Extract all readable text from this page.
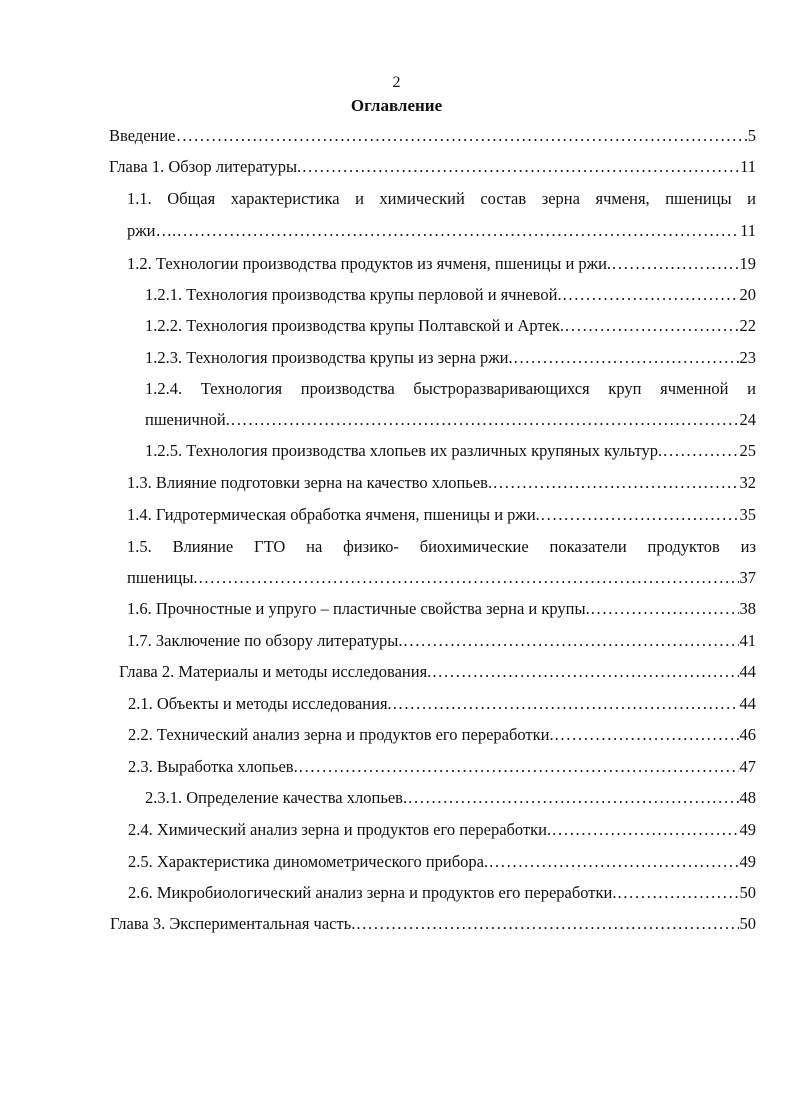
2
Оглавление
Введение . . .	5
Глава 1. Обзор литературы. . . .	11
1.1. Общая характеристика и химический состав зерна ячменя, пшеницы и
ржи…. . . .	11
1.2. Технологии производства продуктов из ячменя, пшеницы и ржи. . . .	19
1.2.1. Технология производства крупы перловой и ячневой. . . .	20
1.2.2. Технология производства крупы Полтавской и Артек. . . .	22
1.2.3. Технология производства крупы из зерна ржи. . . .	23
1.2.4. Технология производства быстроразваривающихся круп ячменной и
пшеничной. . . .	24
1.2.5. Технология производства хлопьев их различных крупяных культур. . . .	25
1.3. Влияние подготовки зерна на качество хлопьев. . . .	32
1.4. Гидротермическая обработка ячменя, пшеницы и ржи. . . .	35
1.5. Влияние ГТО на физико- биохимические показатели продуктов из
пшеницы. . . .	37
1.6. Прочностные и упруго – пластичные свойства зерна и крупы. . . .	38
1.7. Заключение по обзору литературы. . . .	41
Глава 2. Материалы и методы исследования. . . .	44
2.1. Объекты и методы исследования. . . .	44
2.2. Технический анализ зерна и продуктов его переработки. . . .	46
2.3. Выработка хлопьев. . . .	47
2.3.1. Определение качества хлопьев. . . .	48
2.4. Химический анализ зерна и продуктов его переработки. . . .	49
2.5. Характеристика диномометрического прибора. . . .	49
2.6. Микробиологический анализ зерна и продуктов его переработки. . . .	50
Глава 3. Экспериментальная часть. . . .	50
